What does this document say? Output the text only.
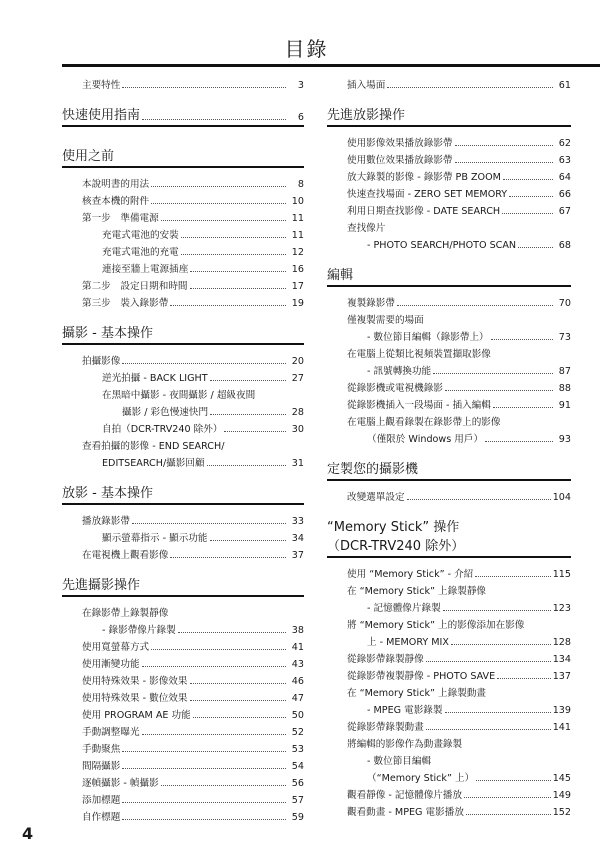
目錄
主要特性	3
快速使用指南	6
使用之前
本說明書的用法	8
核查本機的附件	10
第一步　準備電源	11
充電式電池的安裝	11
充電式電池的充電	12
連接至牆上電源插座	16
第二步　設定日期和時間	17
第三步　裝入錄影帶	19
攝影 - 基本操作
拍攝影像	20
逆光拍攝 - BACK LIGHT	27
在黑暗中攝影 - 夜間攝影 / 超級夜間
攝影 / 彩色慢速快門	28
自拍（DCR-TRV240 除外）	30
查看拍攝的影像 - END SEARCH/
EDITSEARCH/攝影回顧	31
放影 - 基本操作
播放錄影帶	33
顯示螢幕指示 - 顯示功能	34
在電視機上觀看影像	37
先進攝影操作
在錄影帶上錄製靜像
- 錄影帶像片錄製	38
使用寬螢幕方式	41
使用漸變功能	43
使用特殊效果 - 影像效果	46
使用特殊效果 - 數位效果	47
使用 PROGRAM AE 功能	50
手動調整曝光	52
手動聚焦	53
間隔攝影	54
逐幀攝影 - 幀攝影	56
添加標題	57
自作標題	59
插入場面	61
先進放影操作
使用影像效果播放錄影帶	62
使用數位效果播放錄影帶	63
放大錄製的影像 - 錄影帶 PB ZOOM	64
快速查找場面 - ZERO SET MEMORY	66
利用日期查找影像 - DATE SEARCH	67
查找像片
- PHOTO SEARCH/PHOTO SCAN	68
編輯
複製錄影帶	70
僅複製需要的場面
- 數位節目編輯（錄影帶上）	73
在電腦上從類比視頻裝置擷取影像
- 訊號轉換功能	87
從錄影機或電視機錄影	88
從錄影機插入一段場面 - 插入編輯	91
在電腦上觀看錄製在錄影帶上的影像
（僅限於 Windows 用戶）	93
定製您的攝影機
改變選單設定	104
“Memory Stick” 操作
（DCR-TRV240 除外）
使用 “Memory Stick” - 介紹	115
在 “Memory Stick” 上錄製靜像
- 記憶體像片錄製	123
將 “Memory Stick” 上的影像添加在影像
上 - MEMORY MIX	128
從錄影帶錄製靜像	134
從錄影帶複製靜像 - PHOTO SAVE	137
在 “Memory Stick” 上錄製動畫
- MPEG 電影錄製	139
從錄影帶錄製動畫	141
將編輯的影像作為動畫錄製
- 數位節目編輯
（“Memory Stick” 上）	145
觀看靜像 - 記憶體像片播放	149
觀看動畫 - MPEG 電影播放	152
4
